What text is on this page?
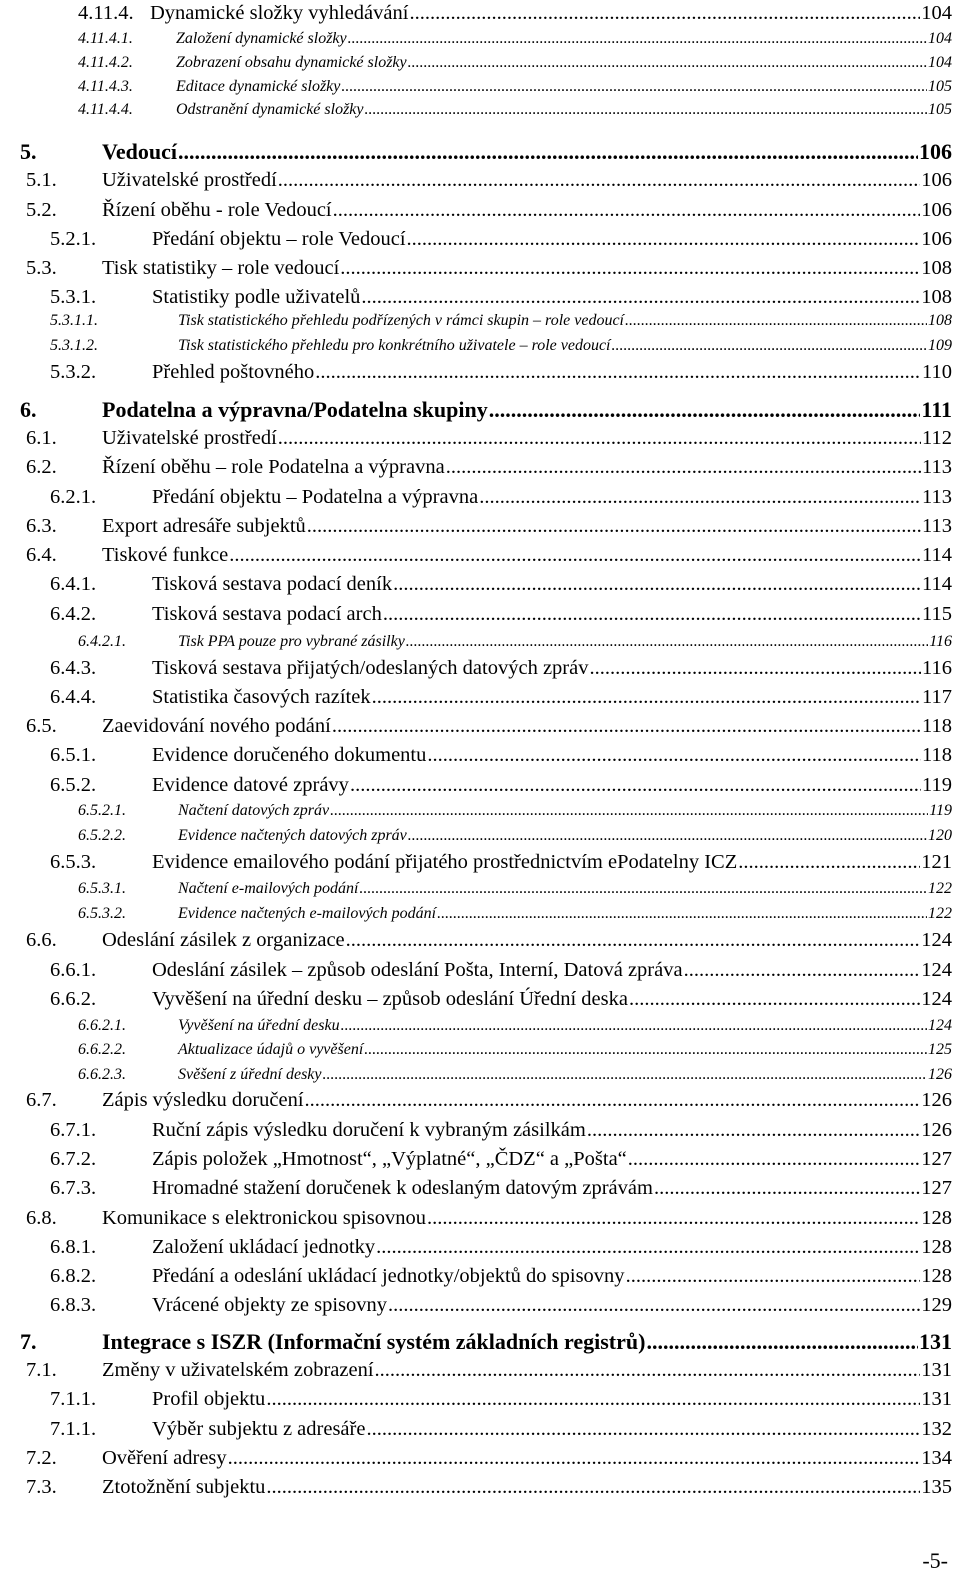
4.11.4. Dynamické složky vyhledávání .....	104
4.11.4.1.	Založení dynamické složky .....	104
4.11.4.2.	Zobrazení obsahu dynamické složky .....	104
4.11.4.3.	Editace dynamické složky .....	105
4.11.4.4.	Odstranění dynamické složky .....	105
5.	Vedoucí .....	106
5.1.	Uživatelské prostředí .....	106
5.2.	Řízení oběhu - role Vedoucí .....	106
5.2.1.	Předání objektu – role Vedoucí .....	106
5.3.	Tisk statistiky – role vedoucí .....	108
5.3.1.	Statistiky podle uživatelů .....	108
5.3.1.1.	Tisk statistického přehledu podřízených v rámci skupin – role vedoucí .....	108
5.3.1.2.	Tisk statistického přehledu pro konkrétního uživatele – role vedoucí .....	109
5.3.2.	Přehled poštovného .....	110
6.	Podatelna a výpravna/Podatelna skupiny .....	111
6.1.	Uživatelské prostředí .....	112
6.2.	Řízení oběhu – role Podatelna a výpravna .....	113
6.2.1.	Předání objektu – Podatelna a výpravna .....	113
6.3.	Export adresáře subjektů .....	113
6.4.	Tiskové funkce .....	114
6.4.1.	Tisková sestava podací deník .....	114
6.4.2.	Tisková sestava podací arch .....	115
6.4.2.1.	Tisk PPA pouze pro vybrané zásilky .....	116
6.4.3.	Tisková sestava přijatých/odeslaných datových zpráv .....	116
6.4.4.	Statistika časových razítek .....	117
6.5.	Zaevidování nového podání .....	118
6.5.1.	Evidence doručeného dokumentu .....	118
6.5.2.	Evidence datové zprávy .....	119
6.5.2.1.	Načtení datových zpráv .....	119
6.5.2.2.	Evidence načtených datových zpráv .....	120
6.5.3.	Evidence emailového podání přijatého prostřednictvím ePodatelny ICZ .....	121
6.5.3.1.	Načtení e-mailových podání .....	122
6.5.3.2.	Evidence načtených e-mailových podání .....	122
6.6.	Odeslání zásilek z organizace .....	124
6.6.1.	Odeslání zásilek – způsob odeslání Pošta, Interní, Datová zpráva .....	124
6.6.2.	Vyvěšení na úřední desku – způsob odeslání Úřední deska .....	124
6.6.2.1.	Vyvěšení na úřední desku .....	124
6.6.2.2.	Aktualizace údajů o vyvěšení .....	125
6.6.2.3.	Svěšení z úřední desky .....	126
6.7.	Zápis výsledku doručení .....	126
6.7.1.	Ruční zápis výsledku doručení k vybraným zásilkám .....	126
6.7.2.	Zápis položek „Hmotnost“, „Výplatné“, „ČDZ“ a „Pošta“ .....	127
6.7.3.	Hromadné stažení doručenek k odeslaným datovým zprávám .....	127
6.8.	Komunikace s elektronickou spisovnou .....	128
6.8.1.	Založení ukládací jednotky .....	128
6.8.2.	Předání a odeslání ukládací jednotky/objektů do spisovny .....	128
6.8.3.	Vrácené objekty ze spisovny .....	129
7.	Integrace s ISZR (Informační systém základních registrů) .....	131
7.1.	Změny v uživatelském zobrazení .....	131
7.1.1.	Profil objektu .....	131
7.1.1.	Výběr subjektu z adresáře .....	132
7.2.	Ověření adresy .....	134
7.3.	Ztotožnění subjektu .....	135
-5-
